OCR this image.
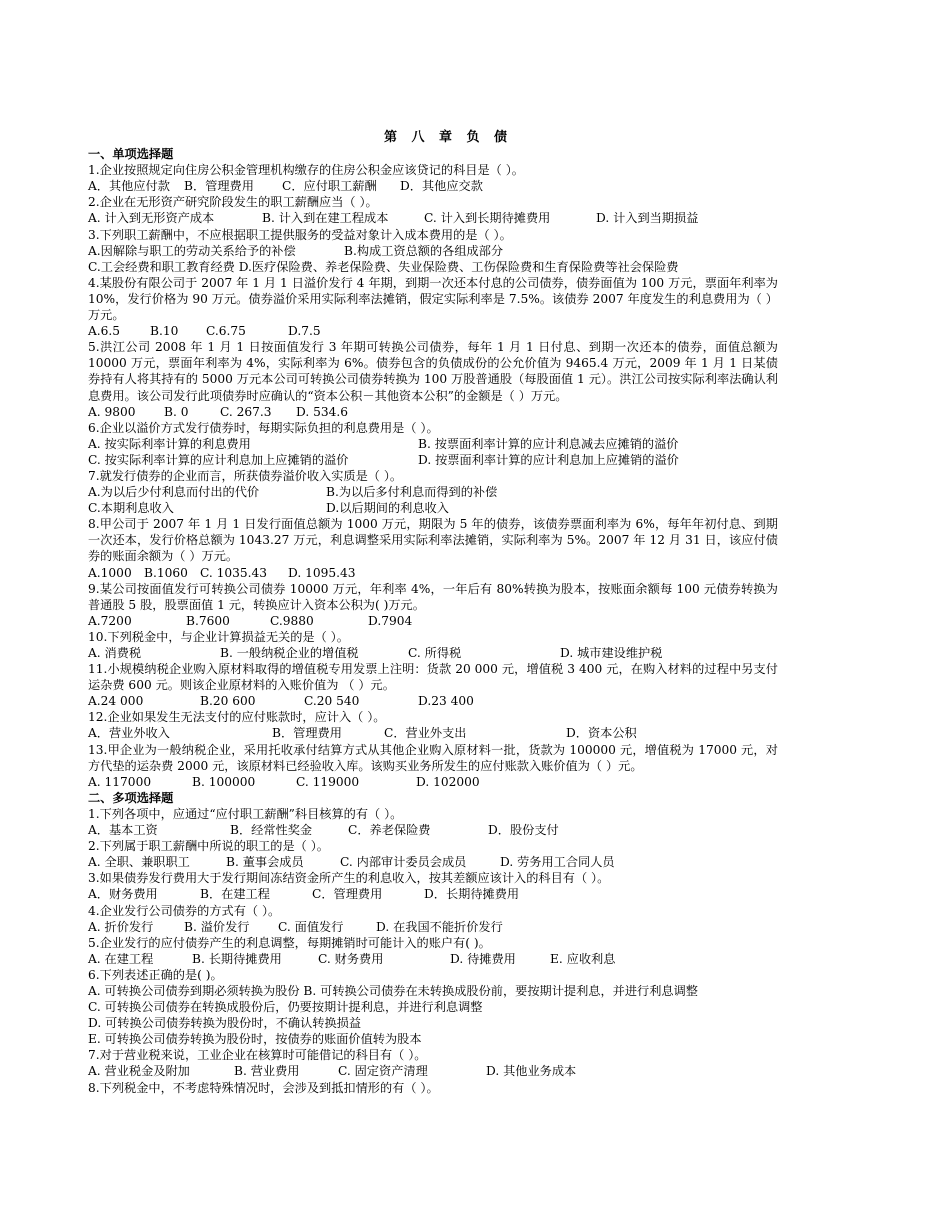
第 八 章 负 债
一、单项选择题
1.企业按照规定向住房公积金管理机构缴存的住房公积金应该贷记的科目是（ ）。
A．其他应付款	B．管理费用	C．应付职工薪酬	D．其他应交款
2.企业在无形资产研究阶段发生的职工薪酬应当（ ）。
A. 计入到无形资产成本	B. 计入到在建工程成本	C. 计入到长期待摊费用	D. 计入到当期损益
3.下列职工薪酬中，不应根据职工提供服务的受益对象计入成本费用的是（ ）。
A.因解除与职工的劳动关系给予的补偿	B.构成工资总额的各组成部分
C.工会经费和职工教育经费 D.医疗保险费、养老保险费、失业保险费、工伤保险费和生育保险费等社会保险费
4.某股份有限公司于 2007 年 1 月 1 日溢价发行 4 年期，到期一次还本付息的公司债券，债券面值为 100 万元，票面年利率为 10%，发行价格为 90 万元。债券溢价采用实际利率法摊销，假定实际利率是 7.5%。该债券 2007 年度发生的利息费用为（ ）万元。
A.6.5	B.10	C.6.75	D.7.5
5.洪江公司 2008 年 1 月 1 日按面值发行 3 年期可转换公司债券，每年 1 月 1 日付息、到期一次还本的债券，面值总额为 10000 万元，票面年利率为 4%，实际利率为 6%。债券包含的负债成份的公允价值为 9465.4 万元，2009 年 1 月 1 日某债券持有人将其持有的 5000 万元本公司可转换公司债券转换为 100 万股普通股（每股面值 1 元）。洪江公司按实际利率法确认利息费用。该公司发行此项债券时应确认的“资本公积－其他资本公积”的金额是（ ）万元。
A. 9800	B. 0	C. 267.3	D. 534.6
6.企业以溢价方式发行债券时，每期实际负担的利息费用是（ ）。
A. 按实际利率计算的利息费用	B. 按票面利率计算的应计利息减去应摊销的溢价
C. 按实际利率计算的应计利息加上应摊销的溢价	D. 按票面利率计算的应计利息加上应摊销的溢价
7.就发行债券的企业而言，所获债券溢价收入实质是（ ）。
A.为以后少付利息而付出的代价	B.为以后多付利息而得到的补偿
C.本期利息收入	D.以后期间的利息收入
8.甲公司于 2007 年 1 月 1 日发行面值总额为 1000 万元，期限为 5 年的债券，该债券票面利率为 6%，每年年初付息、到期一次还本，发行价格总额为 1043.27 万元，利息调整采用实际利率法摊销，实际利率为 5%。2007 年 12 月 31 日，该应付债券的账面余额为（ ）万元。
A.1000	B.1060 C. 1035.43	D. 1095.43
9.某公司按面值发行可转换公司债券 10000 万元，年利率 4%，一年后有 80%转换为股本，按账面余额每 100 元债券转换为普通股 5 股，股票面值 1 元，转换应计入资本公积为( )万元。
A.7200	B.7600	C.9880	D.7904
10.下列税金中，与企业计算损益无关的是（ ）。
A. 消费税	B. 一般纳税企业的增值税	C. 所得税	D. 城市建设维护税
11.小规模纳税企业购入原材料取得的增值税专用发票上注明：货款 20 000 元，增值税 3 400 元，在购入材料的过程中另支付运杂费 600 元。则该企业原材料的入账价值为 （ ）元。
A.24 000	B.20 600	C.20 540	D.23 400
12.企业如果发生无法支付的应付账款时，应计入（ ）。
A．营业外收入	B．管理费用	C．营业外支出	D．资本公积
13.甲企业为一般纳税企业，采用托收承付结算方式从其他企业购入原材料一批，货款为 100000 元，增值税为 17000 元，对方代垫的运杂费 2000 元，该原材料已经验收入库。该购买业务所发生的应付账款入账价值为（ ）元。
A. 117000	B. 100000	C. 119000	D. 102000
二、多项选择题
1.下列各项中，应通过“应付职工薪酬”科目核算的有（ ）。
A．基本工资	B．经常性奖金	C．养老保险费	D．股份支付
2.下列属于职工薪酬中所说的职工的是（ ）。
A. 全职、兼职职工	B. 董事会成员	C. 内部审计委员会成员	D. 劳务用工合同人员
3.如果债券发行费用大于发行期间冻结资金所产生的利息收入，按其差额应该计入的科目有（ ）。
A．财务费用	B．在建工程	C．管理费用	D．长期待摊费用
4.企业发行公司债券的方式有（ ）。
A. 折价发行	B. 溢价发行	C. 面值发行	D. 在我国不能折价发行
5.企业发行的应付债券产生的利息调整，每期摊销时可能计入的账户有( )。
A. 在建工程	B. 长期待摊费用	C. 财务费用	D. 待摊费用	E. 应收利息
6.下列表述正确的是( )。
A. 可转换公司债券到期必须转换为股份 B. 可转换公司债券在未转换成股份前，要按期计提利息，并进行利息调整
C. 可转换公司债券在转换成股份后，仍要按期计提利息，并进行利息调整
D. 可转换公司债券转换为股份时，不确认转换损益
E. 可转换公司债券转换为股份时，按债券的账面价值转为股本
7.对于营业税来说，工业企业在核算时可能借记的科目有（ ）。
A. 营业税金及附加	B. 营业费用	C. 固定资产清理	D. 其他业务成本
8.下列税金中，不考虑特殊情况时，会涉及到抵扣情形的有（ ）。
